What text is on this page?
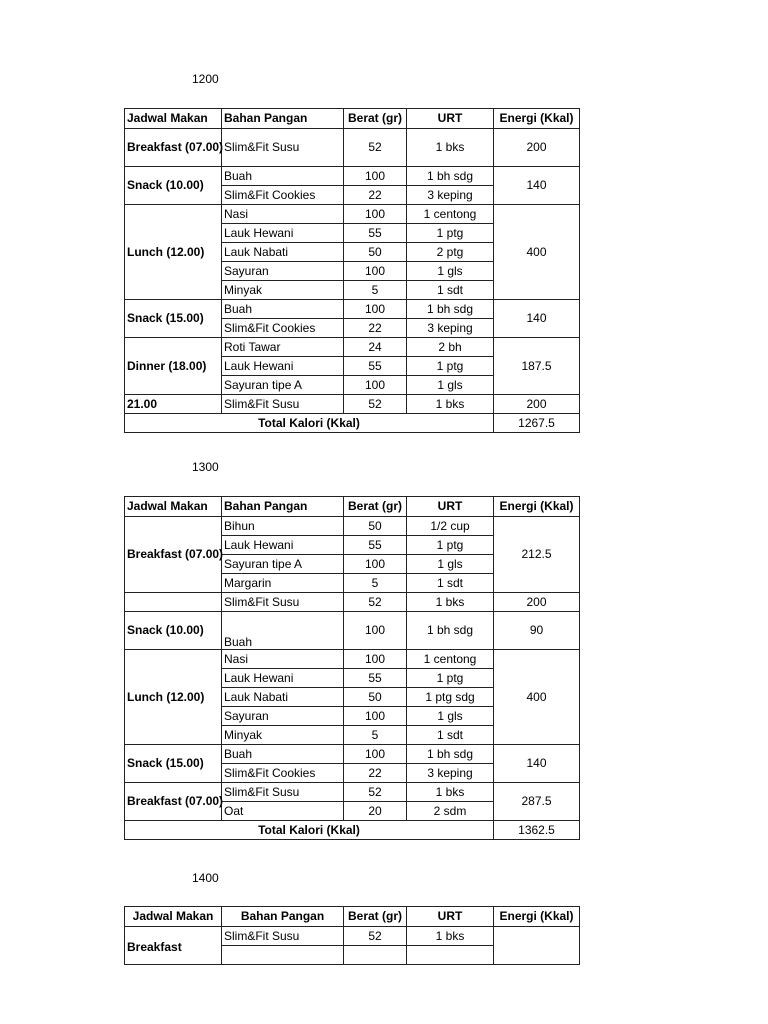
1200
Jadwal Makan	Bahan Pangan	Berat (gr)	URT	Energi (Kkal)
Breakfast (07.00)	Slim&Fit Susu	52	1 bks	200
Snack (10.00)	Buah	100	1 bh sdg	140
	Slim&Fit Cookies	22	3 keping	
Lunch (12.00)	Nasi	100	1 centong	400
	Lauk Hewani	55	1 ptg	
	Lauk Nabati	50	2 ptg	
	Sayuran	100	1 gls	
	Minyak	5	1 sdt	
Snack (15.00)	Buah	100	1 bh sdg	140
	Slim&Fit Cookies	22	3 keping	
Dinner (18.00)	Roti Tawar	24	2 bh	187.5
	Lauk Hewani	55	1 ptg	
	Sayuran tipe A	100	1 gls	
21.00	Slim&Fit Susu	52	1 bks	200
Total Kalori (Kkal)				1267.5
1300
Jadwal Makan	Bahan Pangan	Berat (gr)	URT	Energi (Kkal)
Breakfast (07.00)	Bihun	50	1/2 cup	212.5
	Lauk Hewani	55	1 ptg	
	Sayuran tipe A	100	1 gls	
	Margarin	5	1 sdt	
	Slim&Fit Susu	52	1 bks	200
Snack (10.00)	Buah	100	1 bh sdg	90
Lunch (12.00)	Nasi	100	1 centong	400
	Lauk Hewani	55	1 ptg	
	Lauk Nabati	50	1 ptg sdg	
	Sayuran	100	1 gls	
	Minyak	5	1 sdt	
Snack (15.00)	Buah	100	1 bh sdg	140
	Slim&Fit Cookies	22	3 keping	
Breakfast (07.00)	Slim&Fit Susu	52	1 bks	287.5
	Oat	20	2 sdm	
Total Kalori (Kkal)				1362.5
1400
Jadwal Makan	Bahan Pangan	Berat (gr)	URT	Energi (Kkal)
Breakfast	Slim&Fit Susu	52	1 bks	
